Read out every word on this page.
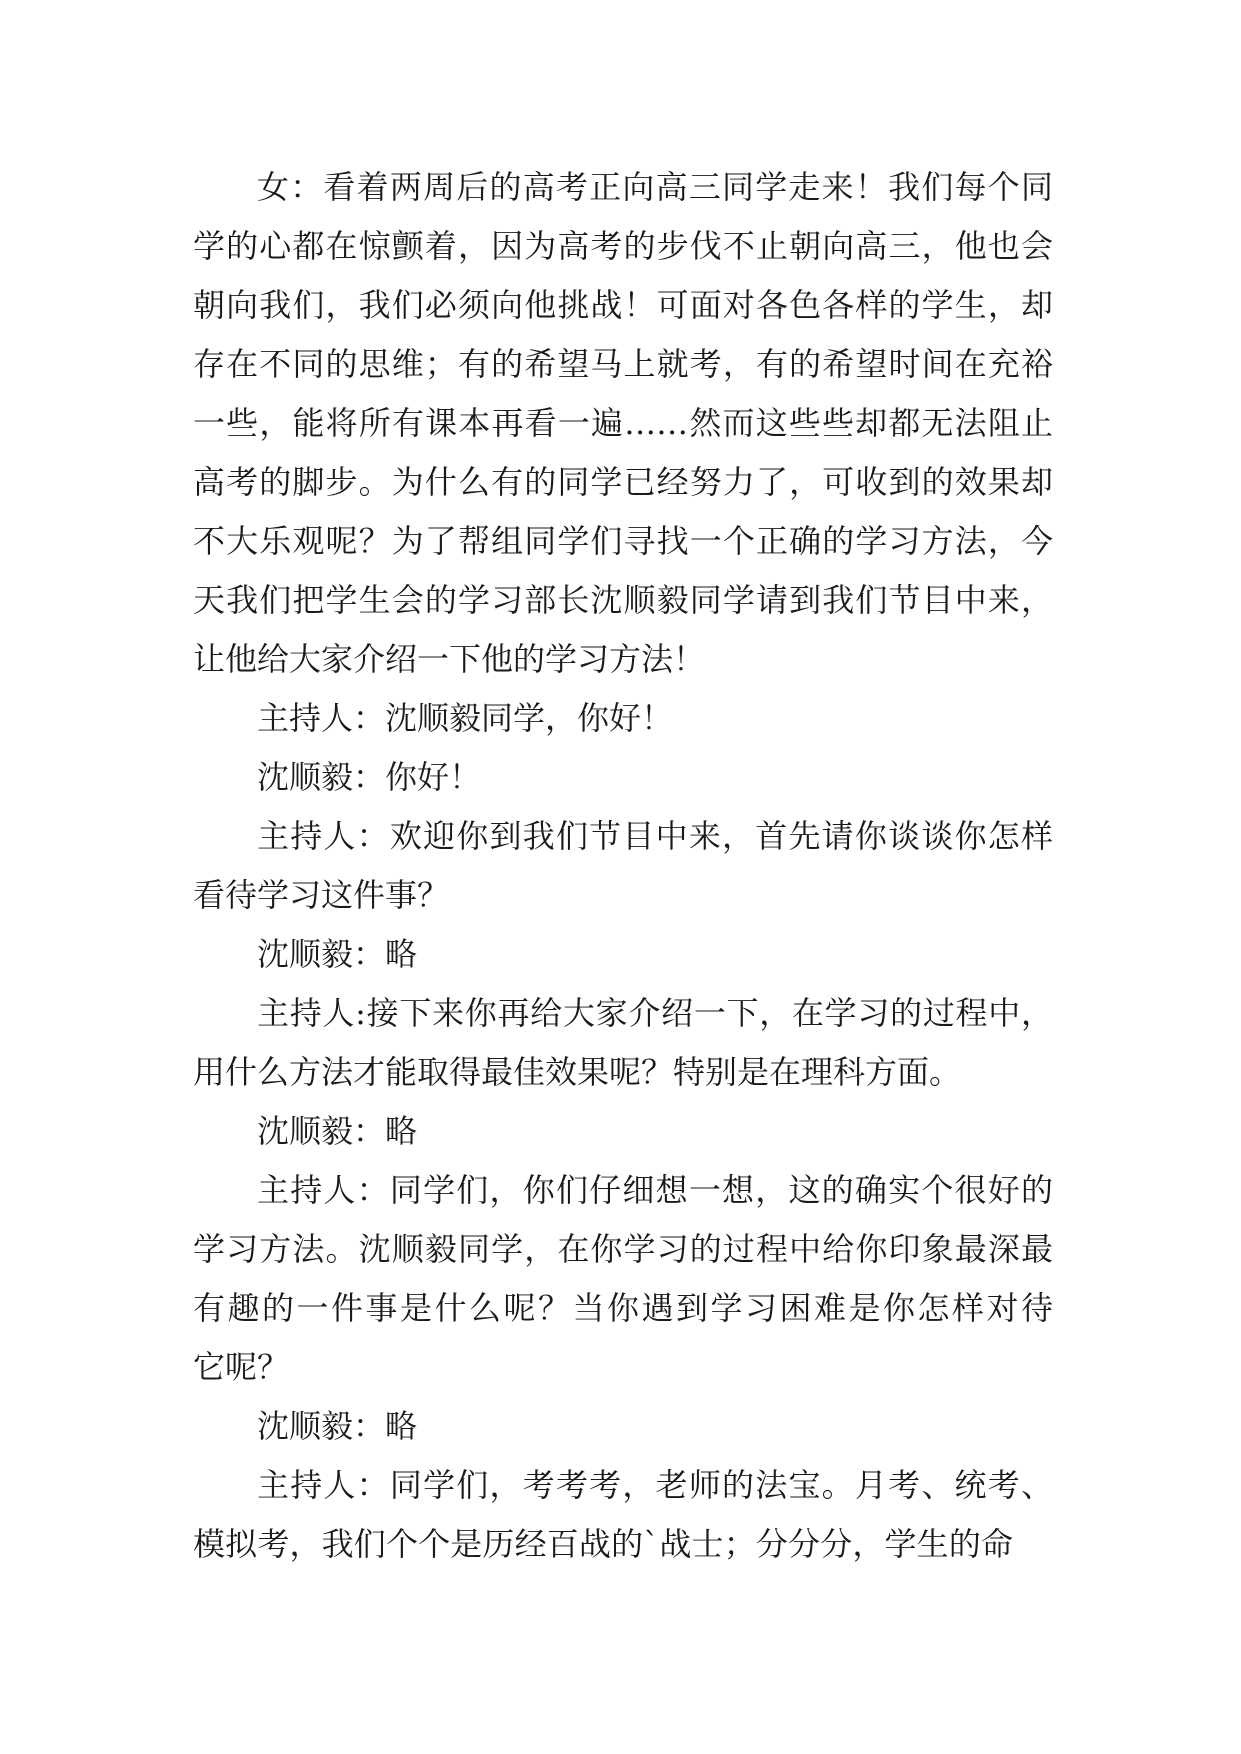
女：看着两周后的高考正向高三同学走来！我们每个同
学的心都在惊颤着，因为高考的步伐不止朝向高三，他也会
朝向我们，我们必须向他挑战！可面对各色各样的学生，却
存在不同的思维；有的希望马上就考，有的希望时间在充裕
一些，能将所有课本再看一遍……然而这些些却都无法阻止
高考的脚步。为什么有的同学已经努力了，可收到的效果却
不大乐观呢？为了帮组同学们寻找一个正确的学习方法，今
天我们把学生会的学习部长沈顺毅同学请到我们节目中来，
让他给大家介绍一下他的学习方法！
主持人：沈顺毅同学，你好！
沈顺毅：你好！
主持人：欢迎你到我们节目中来，首先请你谈谈你怎样
看待学习这件事？
沈顺毅：略
主持人:接下来你再给大家介绍一下，在学习的过程中，
用什么方法才能取得最佳效果呢？特别是在理科方面。
沈顺毅：略
主持人：同学们，你们仔细想一想，这的确实个很好的
学习方法。沈顺毅同学，在你学习的过程中给你印象最深最
有趣的一件事是什么呢？当你遇到学习困难是你怎样对待
它呢？
沈顺毅：略
主持人：同学们，考考考，老师的法宝。月考、统考、
模拟考，我们个个是历经百战的`战士；分分分，学生的命
